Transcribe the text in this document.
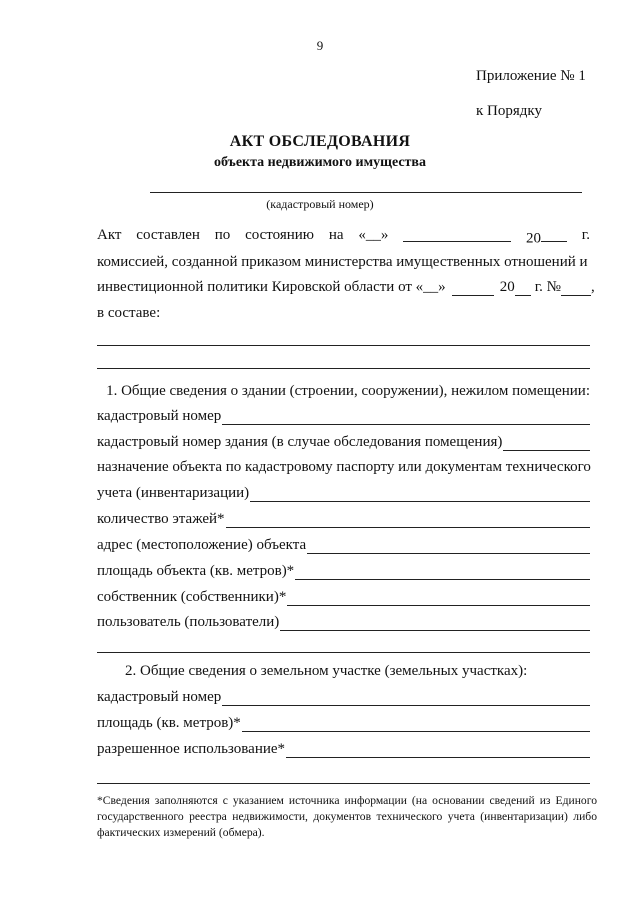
9
Приложение № 1
к Порядку
АКТ ОБСЛЕДОВАНИЯ
объекта недвижимого имущества
(кадастровый номер)
Акт составлен по состоянию на «__»	20	г.
комиссией, созданной приказом министерства имущественных отношений и
инвестиционной политики Кировской области от «__»	20 г. № ,
в составе:
1. Общие сведения о здании (строении, сооружении), нежилом помещении:
кадастровый номер
кадастровый номер здания (в случае обследования помещения)
назначение объекта по кадастровому паспорту или документам технического
учета (инвентаризации)
количество этажей*
адрес (местоположение) объекта
площадь объекта (кв. метров)*
собственник (собственники)*
пользователь (пользователи)
2. Общие сведения о земельном участке (земельных участках):
кадастровый номер
площадь (кв. метров)*
разрешенное использование*
*Сведения заполняются с указанием источника информации (на основании сведений из Единого государственного реестра недвижимости, документов технического учета (инвентаризации) либо фактических измерений (обмера).
